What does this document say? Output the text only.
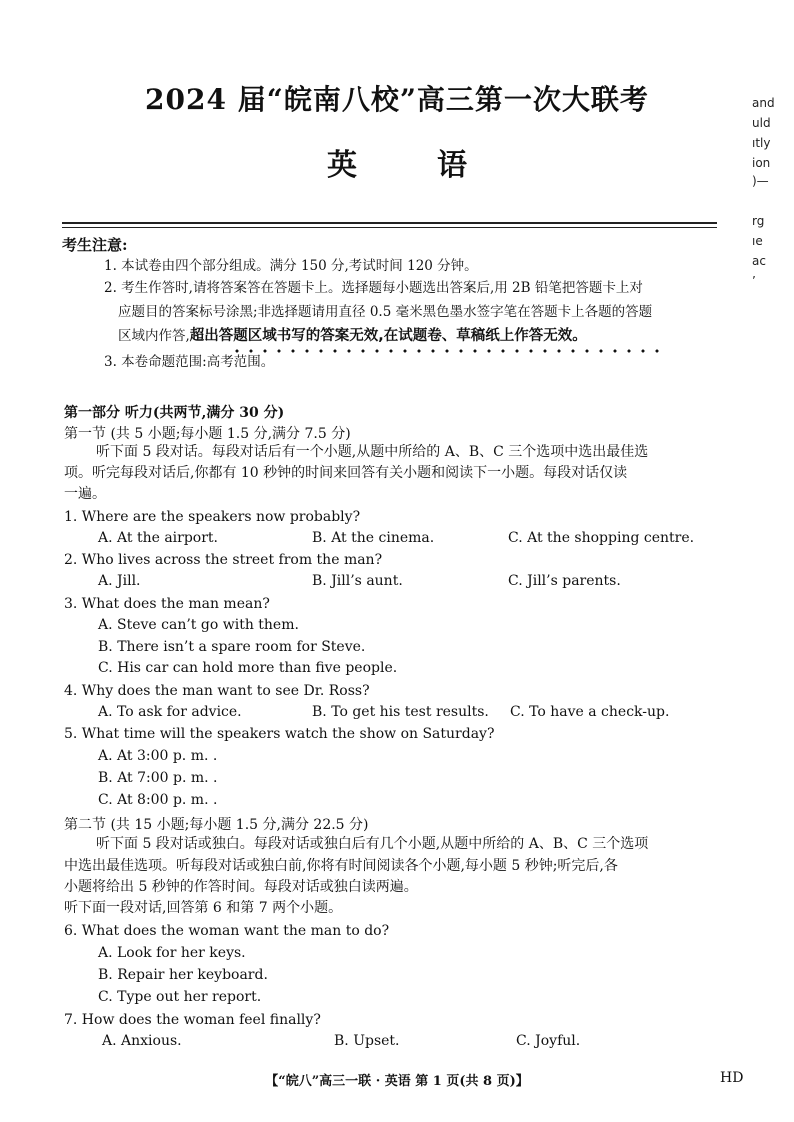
2024 届“皖南八校”高三第一次大联考
英	语
and
uld
ıtly
ion
)—
rg
ıe
ac
’
考生注意:
1. 本试卷由四个部分组成。满分 150 分,考试时间 120 分钟。
2. 考生作答时,请将答案答在答题卡上。选择题每小题选出答案后,用 2B 铅笔把答题卡上对
应题目的答案标号涂黑;非选择题请用直径 0.5 毫米黑色墨水签字笔在答题卡上各题的答题
区域内作答,超出答题区域书写的答案无效,在试题卷、草稿纸上作答无效。
3. 本卷命题范围:高考范围。
第一部分 听力(共两节,满分 30 分)
第一节 (共 5 小题;每小题 1.5 分,满分 7.5 分)
听下面 5 段对话。每段对话后有一个小题,从题中所给的 A、B、C 三个选项中选出最佳选
项。听完每段对话后,你都有 10 秒钟的时间来回答有关小题和阅读下一小题。每段对话仅读
一遍。
1. Where are the speakers now probably?
A. At the airport.	B. At the cinema.	C. At the shopping centre.
2. Who lives across the street from the man?
A. Jill.	B. Jill’s aunt.	C. Jill’s parents.
3. What does the man mean?
A. Steve can’t go with them.
B. There isn’t a spare room for Steve.
C. His car can hold more than five people.
4. Why does the man want to see Dr. Ross?
A. To ask for advice.	B. To get his test results. C. To have a check-up.
5. What time will the speakers watch the show on Saturday?
A. At 3:00 p. m. .
B. At 7:00 p. m. .
C. At 8:00 p. m. .
第二节 (共 15 小题;每小题 1.5 分,满分 22.5 分)
听下面 5 段对话或独白。每段对话或独白后有几个小题,从题中所给的 A、B、C 三个选项
中选出最佳选项。听每段对话或独白前,你将有时间阅读各个小题,每小题 5 秒钟;听完后,各
小题将给出 5 秒钟的作答时间。每段对话或独白读两遍。
听下面一段对话,回答第 6 和第 7 两个小题。
6. What does the woman want the man to do?
A. Look for her keys.
B. Repair her keyboard.
C. Type out her report.
7. How does the woman feel finally?
A. Anxious.	B. Upset.	C. Joyful.
【“皖八”高三一联 · 英语 第 1 页(共 8 页)】	HD
